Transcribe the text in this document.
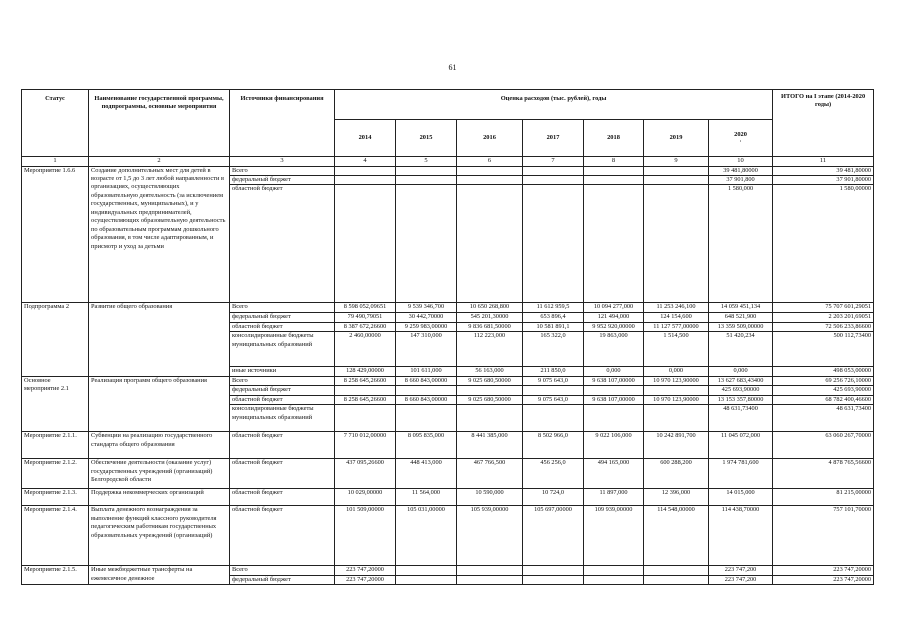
61
Статус	Наименование государственной программы, подпрограммы, основные мероприятия	Источники финансирования	Оценка расходов (тыс. рублей), годы							ИТОГО на I этапе (2014-2020 годы)
			2014	2015	2016	2017	2018	2019	2020
·	

1	2	3	4	5	6	7	8	9	10	11
Мероприятие 1.6.6	Создание дополнительных мест для детей в возрасте от 1,5 до 3 лет любой направленности в организациях, осуществляющих образовательную деятельность (за исключением государственных, муниципальных), и у индивидуальных предпринимателей, осуществляющих образовательную деятельность по образовательным программам дошкольного образования, в том числе адаптированным, и присмотр и уход за детьми	Всего							39 481,80000	39 481,80000
		федеральный бюджет							37 901,800	37 901,80000
		областной бюджет							1 580,000	1 580,00000
Подпрограмма 2	Развитие общего образования	Всего	8 598 052,09651	9 539 346,700	10 650 268,800	11 612 959,5	10 094 277,000	11 253 246,100	14 059 451,134	75 707 601,29051
		федеральный бюджет	79 490,79051	30 442,70000	545 201,30000	653 896,4	121 494,000	124 154,600	648 521,900	2 203 201,69051
		областной бюджет	8 387 672,26600	9 259 983,00000	9 836 681,50000	10 581 891,1	9 952 920,00000	11 127 577,00000	13 359 509,00000	72 506 233,86600
		консолидированные бюджеты муниципальных образований	2 460,00000	147 310,000	112 223,000	165 322,0	19 863,000	1 514,500	51 420,234	500 112,73400
		иные источники	128 429,00000	101 611,000	56 163,000	211 850,0	0,000	0,000	0,000	498 053,00000
Основное мероприятие 2.1	Реализация программ общего образования	Всего	8 258 645,26600	8 660 843,00000	9 025 680,50000	9 075 643,0	9 638 107,00000	10 970 123,90000	13 627 683,43400	69 256 726,10000
		федеральный бюджет							425 693,90000	425 693,90000
		областной бюджет	8 258 645,26600	8 660 843,00000	9 025 680,50000	9 075 643,0	9 638 107,00000	10 970 123,90000	13 153 357,80000	68 782 400,46600
		консолидированные бюджеты муниципальных образований							48 631,73400	48 631,73400
Мероприятие 2.1.1.	Субвенции на реализацию государственного стандарта общего образования	областной бюджет	7 710 012,00000	8 095 835,000	8 441 385,000	8 502 966,0	9 022 106,000	10 242 891,700	11 045 072,000	63 060 267,70000
Мероприятие 2.1.2.	Обеспечение деятельности (оказание услуг) государственных учреждений (организаций) Белгородской области	областной бюджет	437 095,26600	448 413,000	467 766,500	456 256,0	494 165,000	600 288,200	1 974 781,600	4 878 765,56600
Мероприятие 2.1.3.	Поддержка некоммерческих организаций	областной бюджет	10 029,00000	11 564,000	10 590,000	10 724,0	11 897,000	12 396,000	14 015,000	81 215,00000
Мероприятие 2.1.4.	Выплата денежного вознаграждения за выполнение функций классного руководителя педагогическим работникам государственных образовательных учреждений (организаций)	областной бюджет	101 509,00000	105 031,00000	105 939,00000	105 697,00000	109 939,00000	114 548,00000	114 438,70000	757 101,70000
Мероприятие 2.1.5.	Иные межбюджетные трансферты на ежемесячное денежное	Всего	223 747,20000						223 747,200	223 747,20000
		федеральный бюджет	223 747,20000						223 747,200	223 747,20000
